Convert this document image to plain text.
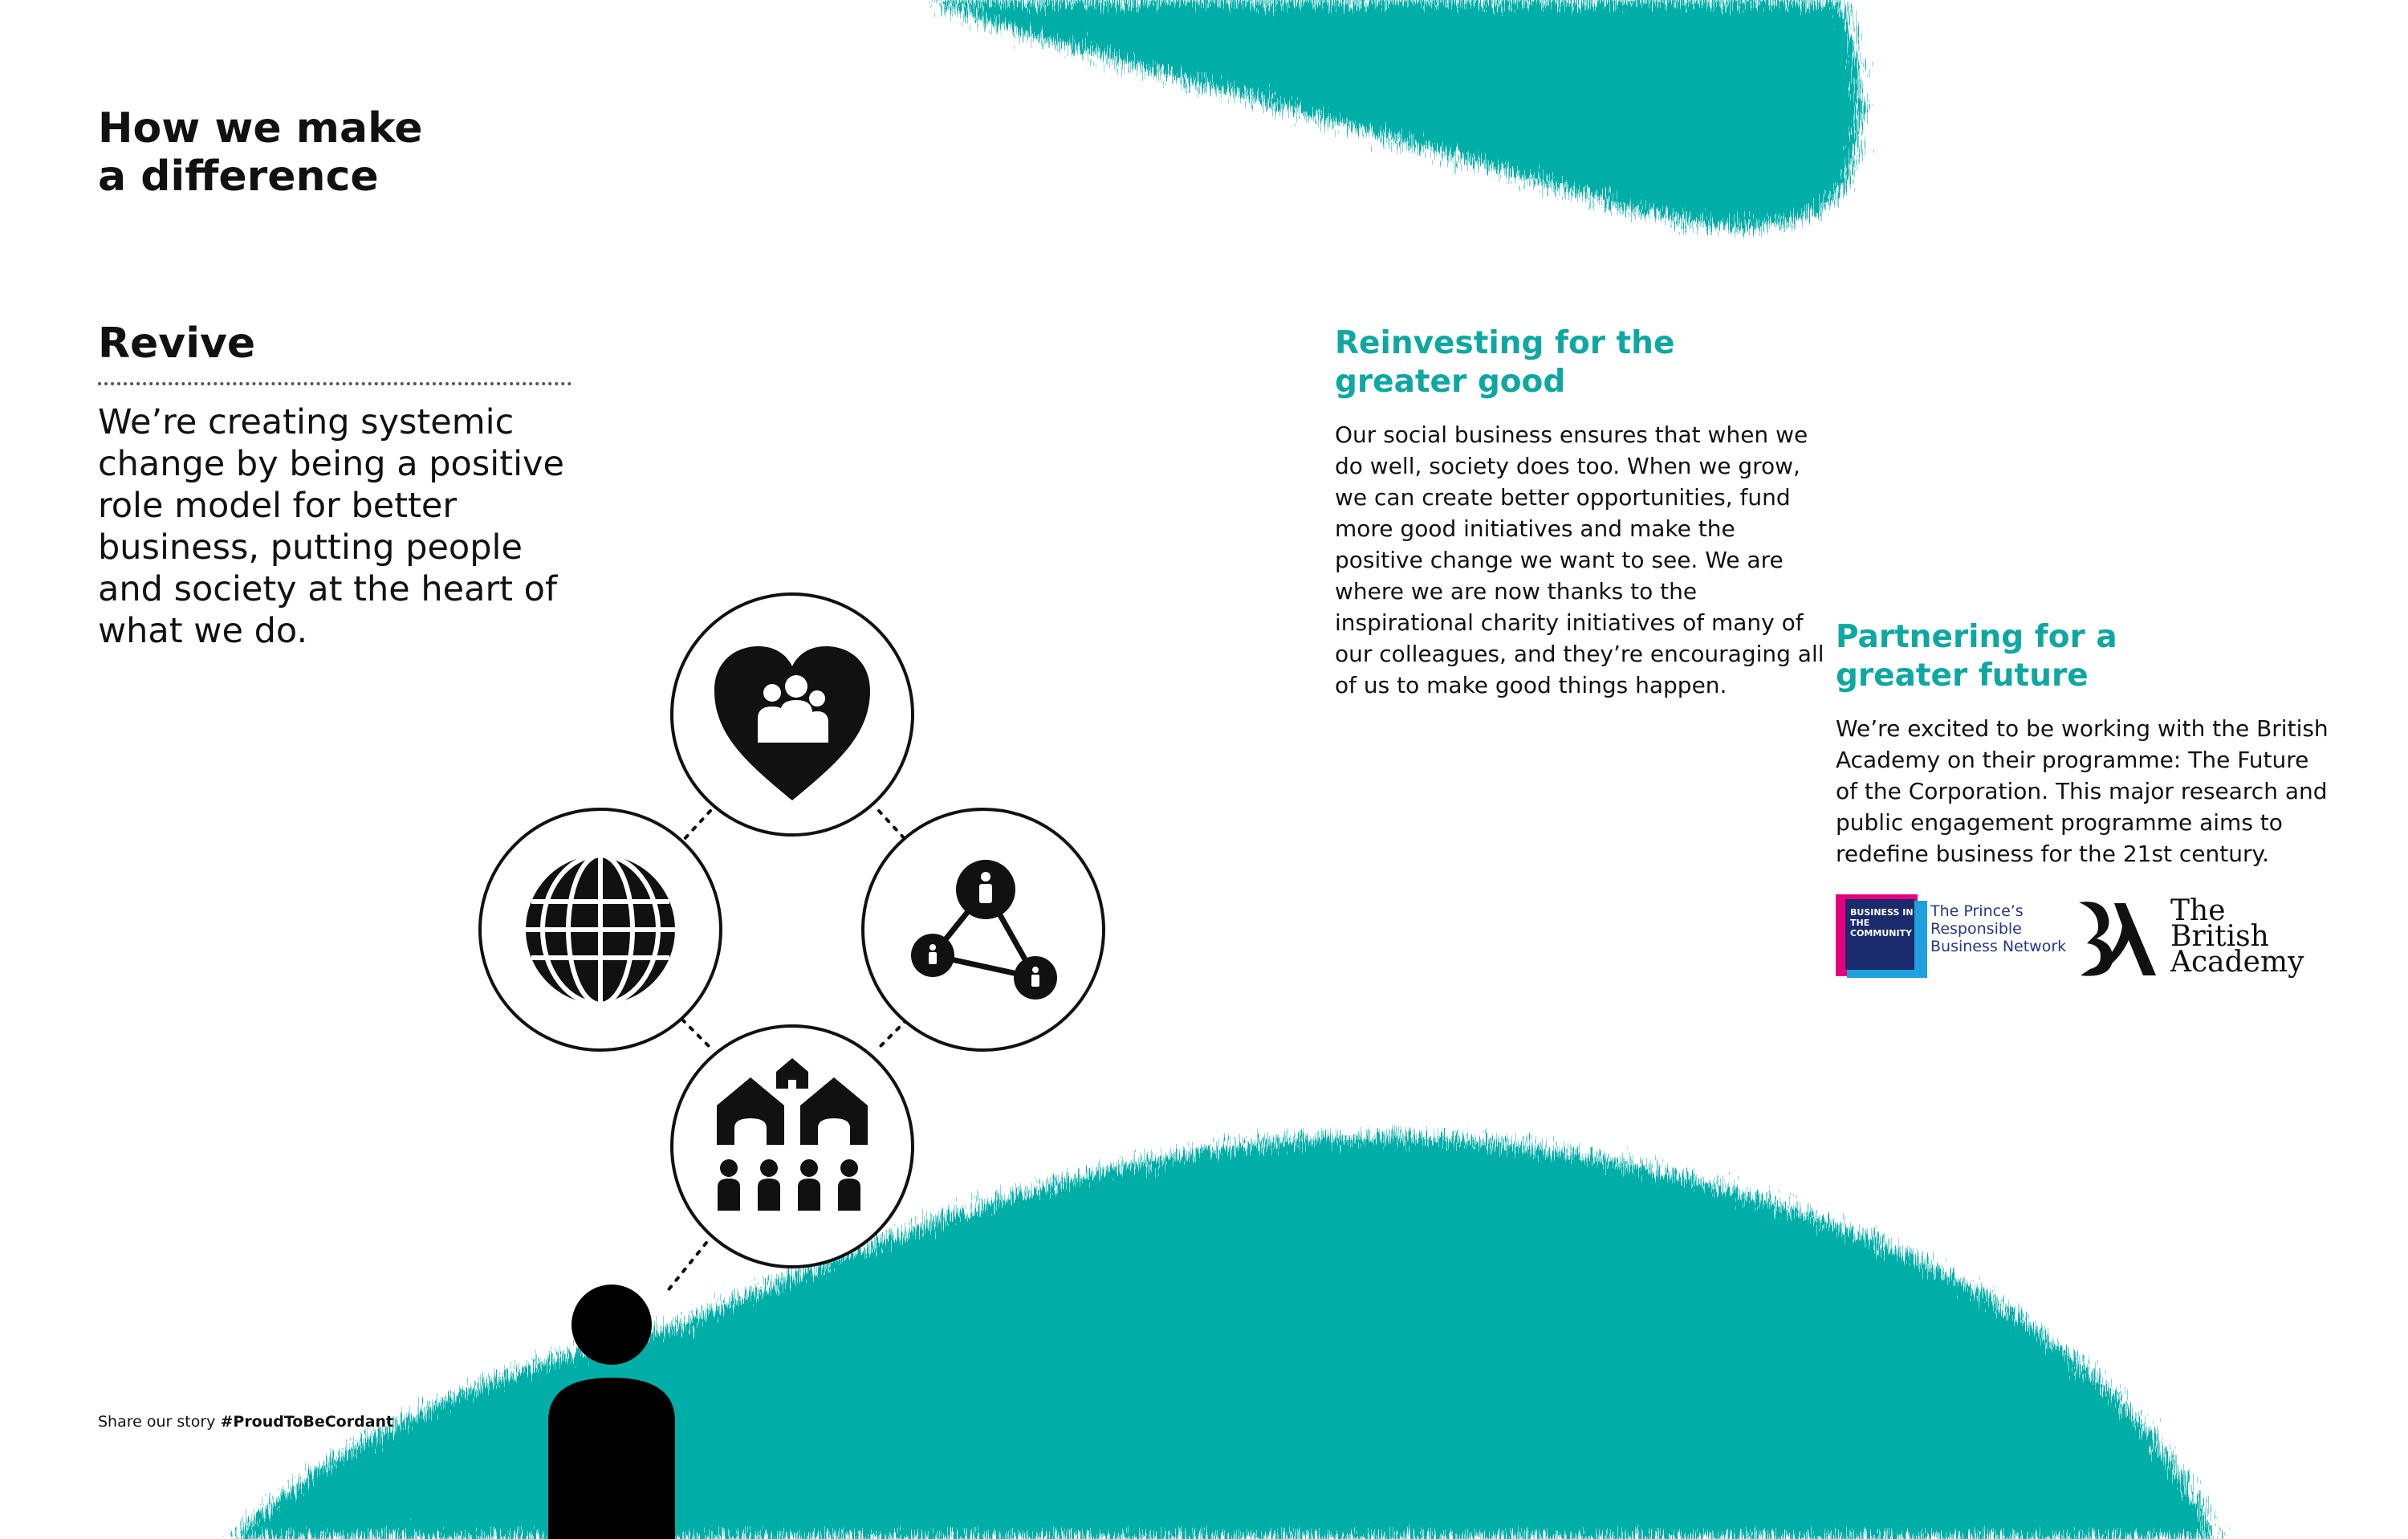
How we make
a difference
Revive

We’re creating systemic change by being a positive role model for better business, putting people and society at the heart of what we do.

Share our story #ProudToBeCordant
Reinvesting for the greater good

Our social business ensures that when we do well, society does too. When we grow, we can create better opportunities, fund more good initiatives and make the positive change we want to see. We are where we are now thanks to the inspirational charity initiatives of many of our colleagues, and they’re encouraging all of us to make good things happen.

Partnering for a greater future

We’re excited to be working with the British Academy on their programme: The Future of the Corporation. This major research and public engagement programme aims to redefine business for the 21st century.

BUSINESS IN THE COMMUNITY
The Prince’s Responsible Business Network
The
British
Academy
